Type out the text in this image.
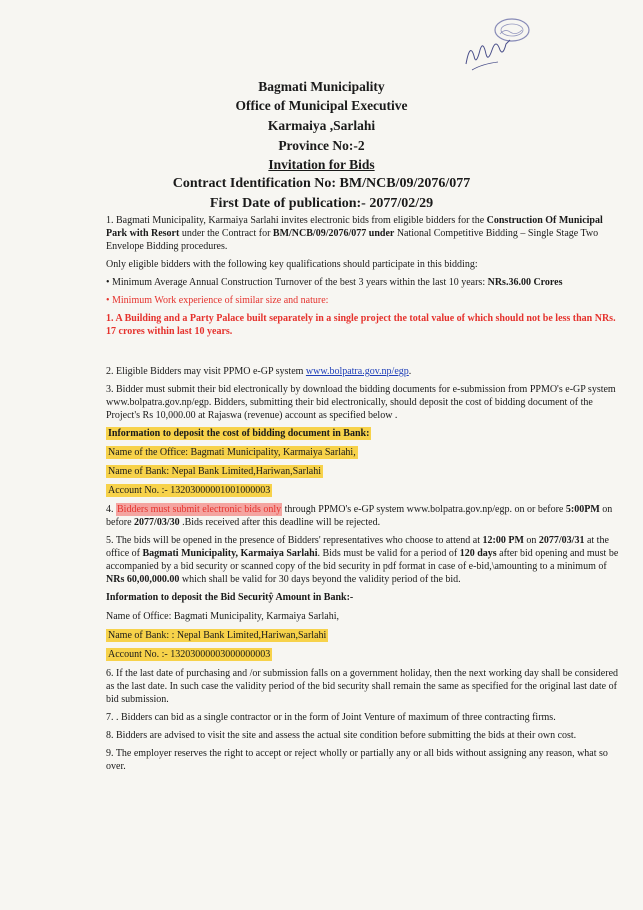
Bagmati Municipality
Office of Municipal Executive
Karmaiya ,Sarlahi
Province No:-2
Invitation for Bids
Contract Identification No: BM/NCB/09/2076/077
First Date of publication:- 2077/02/29

1. Bagmati Municipality, Karmaiya Sarlahi invites electronic bids from eligible bidders for the Construction Of Municipal Park with Resort under the Contract for BM/NCB/09/2076/077 under National Competitive Bidding – Single Stage Two Envelope Bidding procedures.

Only eligible bidders with the following key qualifications should participate in this bidding:

• Minimum Average Annual Construction Turnover of the best 3 years within the last 10 years: NRs.36.00 Crores

• Minimum Work experience of similar size and nature:

1. A Building and a Party Palace built separately in a single project the total value of which should not be less than NRs. 17 crores within last 10 years.

2. Eligible Bidders may visit PPMO e-GP system www.bolpatra.gov.np/egp.

3. Bidder must submit their bid electronically by download the bidding documents for e-submission from PPMO's e-GP system www.bolpatra.gov.np/egp. Bidders, submitting their bid electronically, should deposit the cost of bidding document of the Project's Rs 10,000.00 at Rajaswa (revenue) account as specified below .

Information to deposit the cost of bidding document in Bank:

Name of the Office: Bagmati Municipality, Karmaiya Sarlahi,

Name of Bank: Nepal Bank Limited,Hariwan,Sarlahi

Account No. :- 13203000001001000003

4. Bidders must submit electronic bids only through PPMO's e-GP system www.bolpatra.gov.np/egp. on or before 5:00PM on before 2077/03/30 .Bids received after this deadline will be rejected.

5. The bids will be opened in the presence of Bidders' representatives who choose to attend at 12:00 PM on 2077/03/31 at the office of Bagmati Municipality, Karmaiya Sarlahi. Bids must be valid for a period of 120 days after bid opening and must be accompanied by a bid security or scanned copy of the bid security in pdf format in case of e-bid,\amounting to a minimum of NRs 60,00,000.00 which shall be valid for 30 days beyond the validity period of the bid.

Information to deposit the Bid Securitŷ Amount in Bank:-

Name of Office: Bagmati Municipality, Karmaiya Sarlahi,

Name of Bank: : Nepal Bank Limited,Hariwan,Sarlahi

Account No. :- 13203000003000000003

6. If the last date of purchasing and /or submission falls on a government holiday, then the next working day shall be considered as the last date. In such case the validity period of the bid security shall remain the same as specified for the original last date of bid submission.

7. . Bidders can bid as a single contractor or in the form of Joint Venture of maximum of three contracting firms.

8. Bidders are advised to visit the site and assess the actual site condition before submitting the bids at their own cost.

9. The employer reserves the right to accept or reject wholly or partially any or all bids without assigning any reason, what so over.
